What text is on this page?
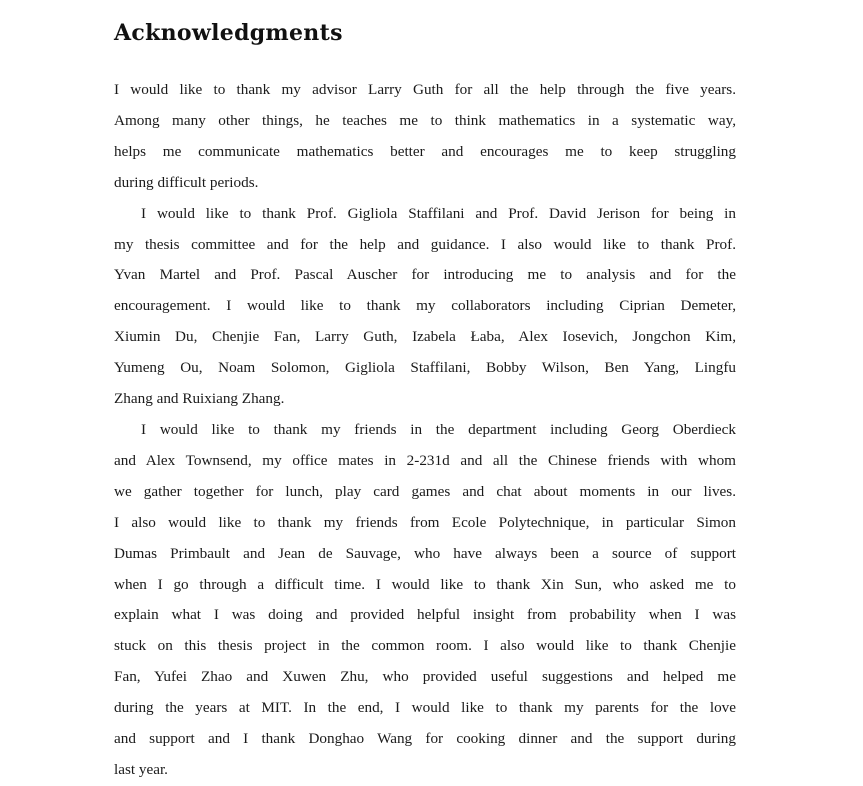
Acknowledgments
I would like to thank my advisor Larry Guth for all the help through the five years.
Among many other things, he teaches me to think mathematics in a systematic way,
helps me communicate mathematics better and encourages me to keep struggling
during difficult periods.
I would like to thank Prof. Gigliola Staffilani and Prof. David Jerison for being in
my thesis committee and for the help and guidance. I also would like to thank Prof.
Yvan Martel and Prof. Pascal Auscher for introducing me to analysis and for the
encouragement. I would like to thank my collaborators including Ciprian Demeter,
Xiumin Du, Chenjie Fan, Larry Guth, Izabela Łaba, Alex Iosevich, Jongchon Kim,
Yumeng Ou, Noam Solomon, Gigliola Staffilani, Bobby Wilson, Ben Yang, Lingfu
Zhang and Ruixiang Zhang.
I would like to thank my friends in the department including Georg Oberdieck
and Alex Townsend, my office mates in 2-231d and all the Chinese friends with whom
we gather together for lunch, play card games and chat about moments in our lives.
I also would like to thank my friends from Ecole Polytechnique, in particular Simon
Dumas Primbault and Jean de Sauvage, who have always been a source of support
when I go through a difficult time. I would like to thank Xin Sun, who asked me to
explain what I was doing and provided helpful insight from probability when I was
stuck on this thesis project in the common room. I also would like to thank Chenjie
Fan, Yufei Zhao and Xuwen Zhu, who provided useful suggestions and helped me
during the years at MIT. In the end, I would like to thank my parents for the love
and support and I thank Donghao Wang for cooking dinner and the support during
last year.
